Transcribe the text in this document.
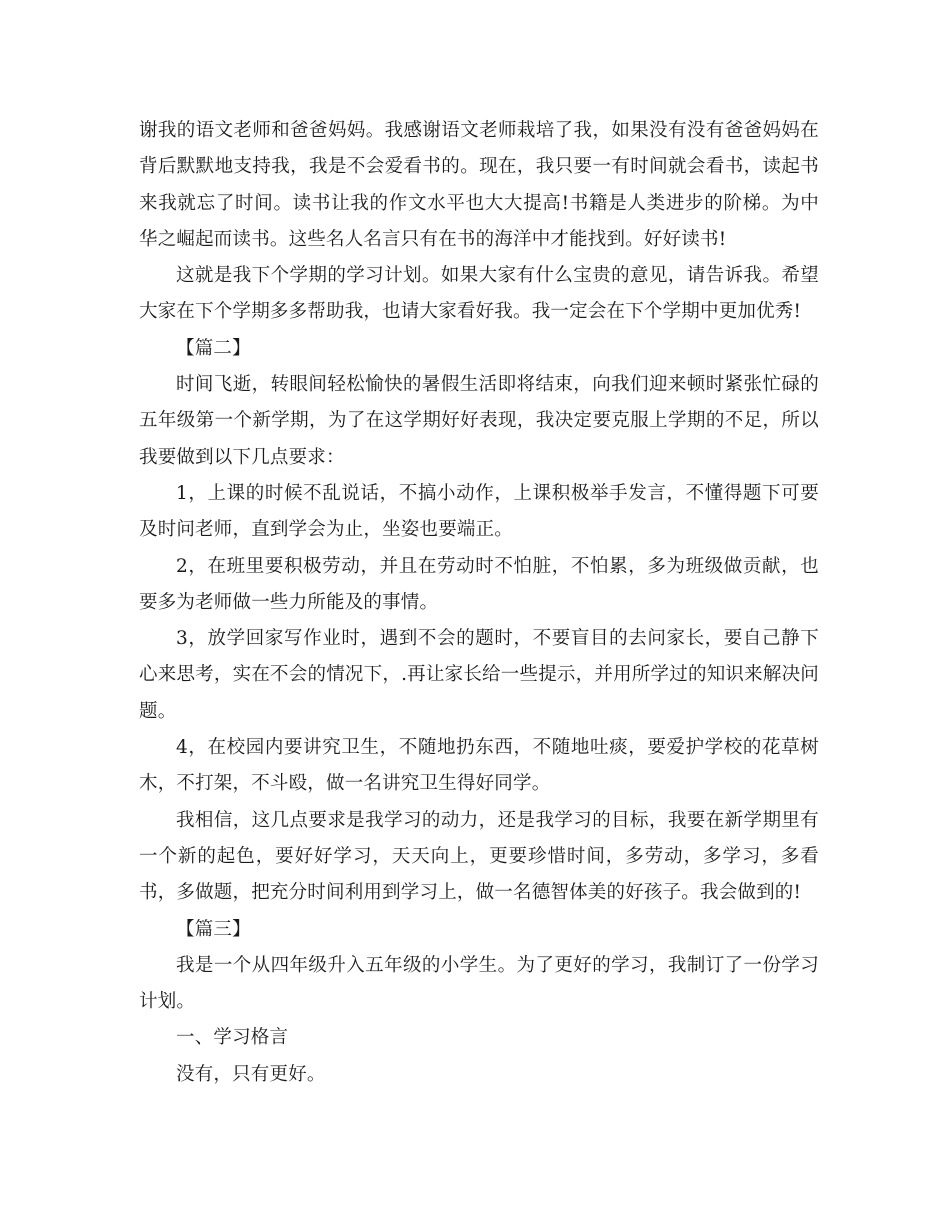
谢我的语文老师和爸爸妈妈。我感谢语文老师栽培了我，如果没有没有爸爸妈妈在背后默默地支持我，我是不会爱看书的。现在，我只要一有时间就会看书，读起书来我就忘了时间。读书让我的作文水平也大大提高!书籍是人类进步的阶梯。为中华之崛起而读书。这些名人名言只有在书的海洋中才能找到。好好读书!

这就是我下个学期的学习计划。如果大家有什么宝贵的意见，请告诉我。希望大家在下个学期多多帮助我，也请大家看好我。我一定会在下个学期中更加优秀!

【篇二】

时间飞逝，转眼间轻松愉快的暑假生活即将结束，向我们迎来顿时紧张忙碌的五年级第一个新学期，为了在这学期好好表现，我决定要克服上学期的不足，所以我要做到以下几点要求：

1，上课的时候不乱说话，不搞小动作，上课积极举手发言，不懂得题下可要及时问老师，直到学会为止，坐姿也要端正。

2，在班里要积极劳动，并且在劳动时不怕脏，不怕累，多为班级做贡献，也要多为老师做一些力所能及的事情。

3，放学回家写作业时，遇到不会的题时，不要盲目的去问家长，要自己静下心来思考，实在不会的情况下，.再让家长给一些提示，并用所学过的知识来解决问题。

4，在校园内要讲究卫生，不随地扔东西，不随地吐痰，要爱护学校的花草树木，不打架，不斗殴，做一名讲究卫生得好同学。

我相信，这几点要求是我学习的动力，还是我学习的目标，我要在新学期里有一个新的起色，要好好学习，天天向上，更要珍惜时间，多劳动，多学习，多看书，多做题，把充分时间利用到学习上，做一名德智体美的好孩子。我会做到的!

【篇三】

我是一个从四年级升入五年级的小学生。为了更好的学习，我制订了一份学习计划。

一、学习格言

没有，只有更好。
